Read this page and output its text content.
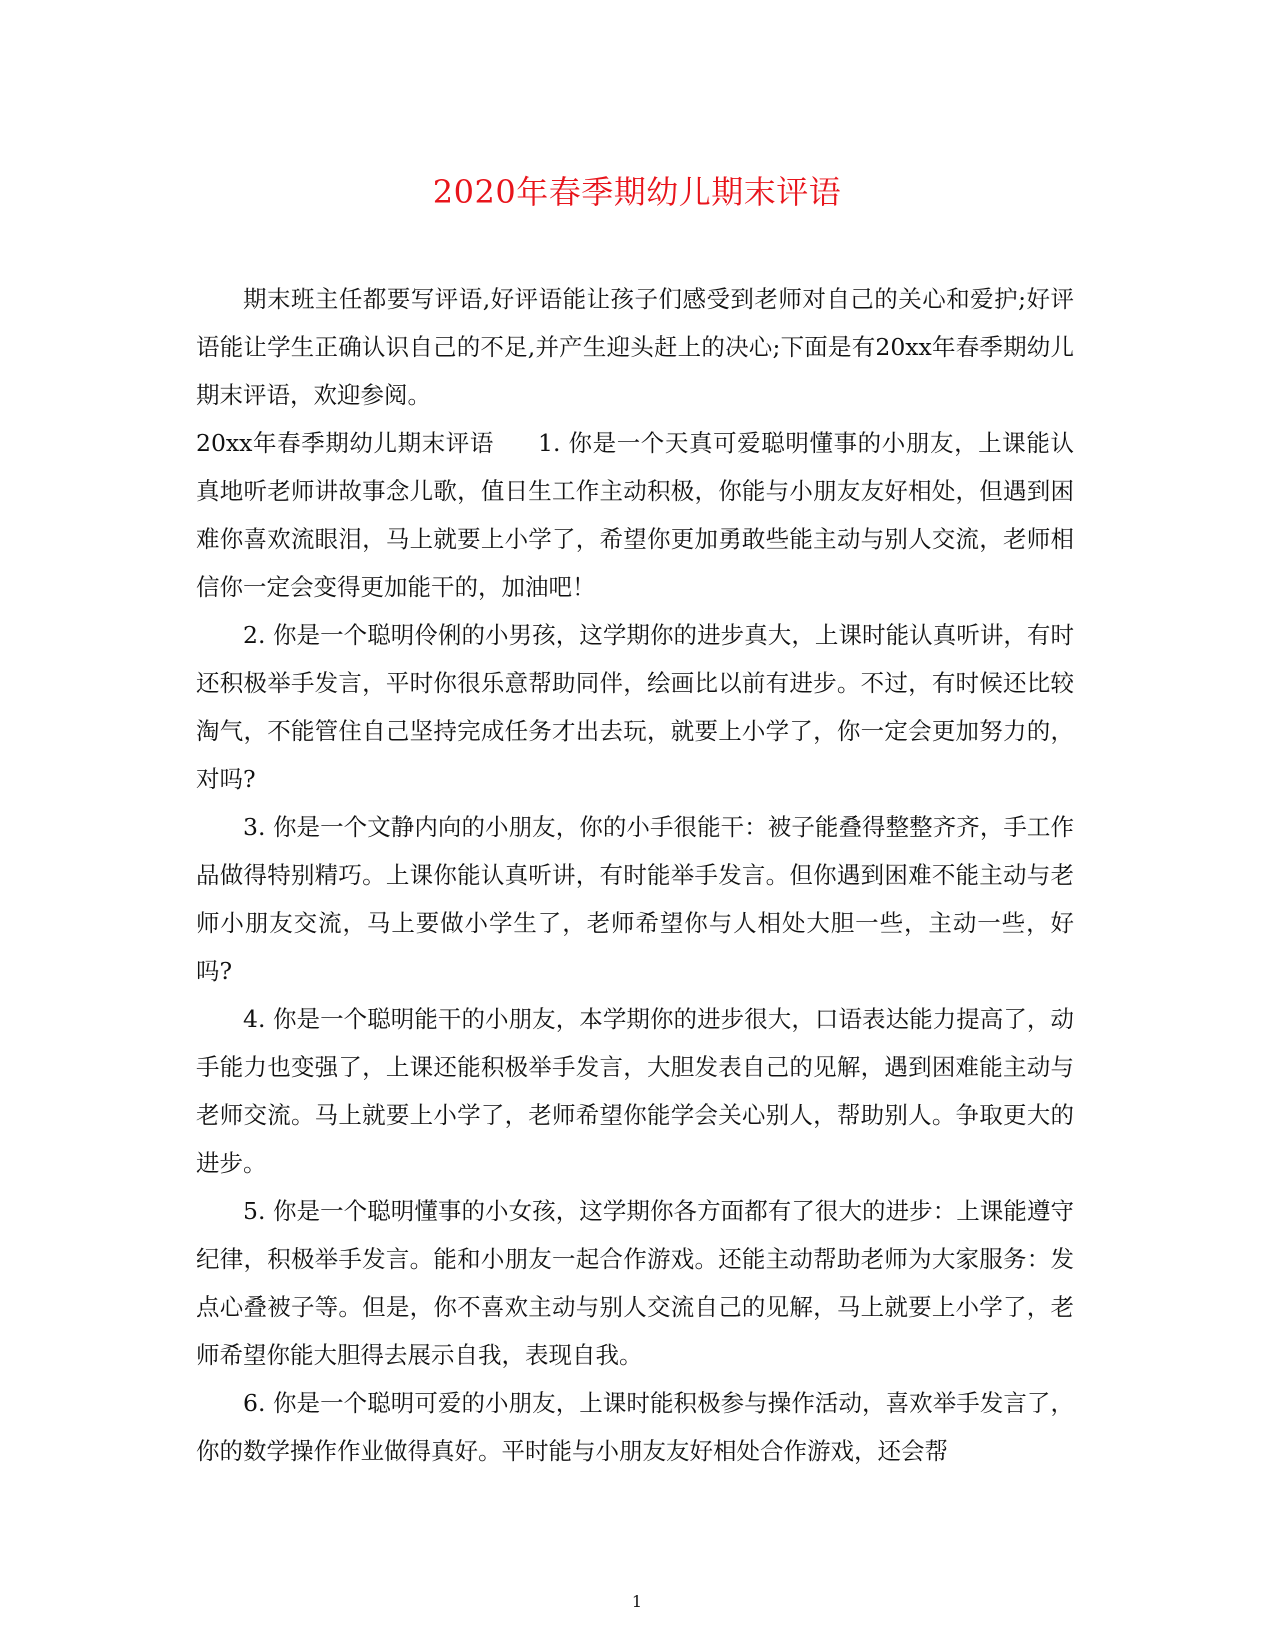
2020年春季期幼儿期末评语

期末班主任都要写评语,好评语能让孩子们感受到老师对自己的关心和爱护;好评语能让学生正确认识自己的不足,并产生迎头赶上的决心;下面是有20xx年春季期幼儿期末评语，欢迎参阅。

20xx年春季期幼儿期末评语 1. 你是一个天真可爱聪明懂事的小朋友，上课能认真地听老师讲故事念儿歌，值日生工作主动积极，你能与小朋友友好相处，但遇到困难你喜欢流眼泪，马上就要上小学了，希望你更加勇敢些能主动与别人交流，老师相信你一定会变得更加能干的，加油吧！

2. 你是一个聪明伶俐的小男孩，这学期你的进步真大，上课时能认真听讲，有时还积极举手发言，平时你很乐意帮助同伴，绘画比以前有进步。不过，有时候还比较淘气，不能管住自己坚持完成任务才出去玩，就要上小学了，你一定会更加努力的，对吗?

3. 你是一个文静内向的小朋友，你的小手很能干：被子能叠得整整齐齐，手工作品做得特别精巧。上课你能认真听讲，有时能举手发言。但你遇到困难不能主动与老师小朋友交流，马上要做小学生了，老师希望你与人相处大胆一些，主动一些，好吗?

4. 你是一个聪明能干的小朋友，本学期你的进步很大，口语表达能力提高了，动手能力也变强了，上课还能积极举手发言，大胆发表自己的见解，遇到困难能主动与老师交流。马上就要上小学了，老师希望你能学会关心别人，帮助别人。争取更大的进步。

5. 你是一个聪明懂事的小女孩，这学期你各方面都有了很大的进步：上课能遵守纪律，积极举手发言。能和小朋友一起合作游戏。还能主动帮助老师为大家服务：发点心叠被子等。但是，你不喜欢主动与别人交流自己的见解，马上就要上小学了，老师希望你能大胆得去展示自我，表现自我。

6. 你是一个聪明可爱的小朋友，上课时能积极参与操作活动，喜欢举手发言了，你的数学操作作业做得真好。平时能与小朋友友好相处合作游戏，还会帮

1
